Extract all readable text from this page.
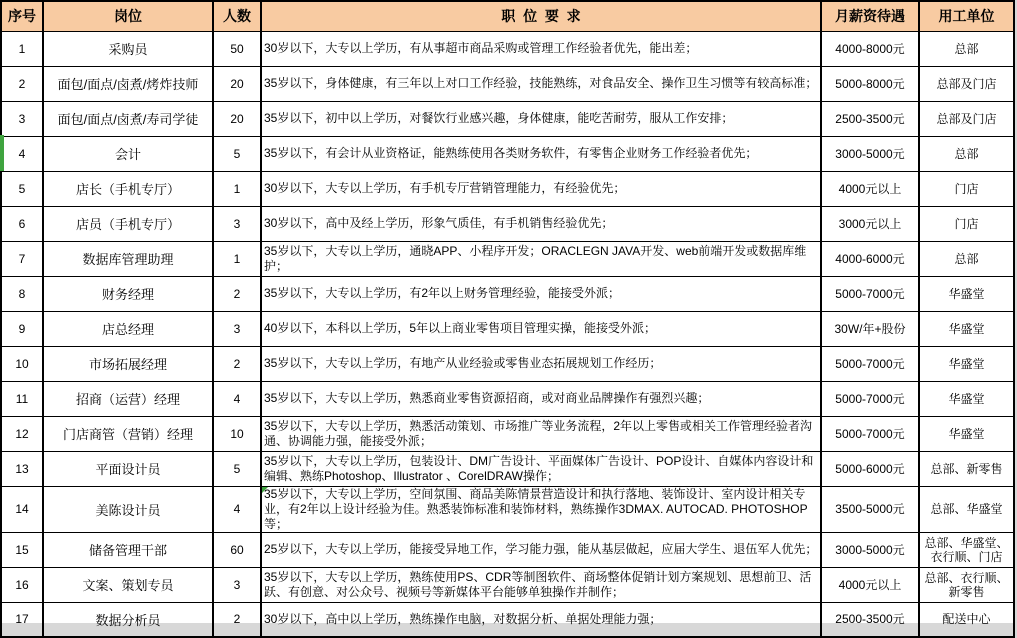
序号	岗位	人数	职  位  要  求	月薪资待遇	用工单位
1	采购员	50	30岁以下，大专以上学历，有从事超市商品采购或管理工作经验者优先，能出差；	4000-8000元	总部
2	面包/面点/卤煮/烤炸技师	20	35岁以下，身体健康，有三年以上对口工作经验，技能熟练，对食品安全、操作卫生习惯等有较高标准；	5000-8000元	总部及门店
3	面包/面点/卤煮/寿司学徒	20	35岁以下，初中以上学历，对餐饮行业感兴趣，身体健康，能吃苦耐劳，服从工作安排；	2500-3500元	总部及门店
4	会计	5	35岁以下，有会计从业资格证，能熟练使用各类财务软件，有零售企业财务工作经验者优先；	3000-5000元	总部
5	店长（手机专厅）	1	30岁以下，大专以上学历，有手机专厅营销管理能力，有经验优先；	4000元以上	门店
6	店员（手机专厅）	3	30岁以下，高中及经上学历，形象气质佳，有手机销售经验优先；	3000元以上	门店
7	数据库管理助理	1	35岁以下，大专以上学历，通晓APP、小程序开发；ORACLEGN JAVA开发、web前端开发或数据库维护；	4000-6000元	总部
8	财务经理	2	35岁以下，大专以上学历，有2年以上财务管理经验，能接受外派；	5000-7000元	华盛堂
9	店总经理	3	40岁以下，本科以上学历，5年以上商业零售项目管理实操，能接受外派；	30W/年+股份	华盛堂
10	市场拓展经理	2	35岁以下，大专以上学历，有地产从业经验或零售业态拓展规划工作经历；	5000-7000元	华盛堂
11	招商（运营）经理	4	35岁以下，大专以上学历，熟悉商业零售资源招商，或对商业品牌操作有强烈兴趣；	5000-7000元	华盛堂
12	门店商管（营销）经理	10	35岁以下，大专以上学历，熟悉活动策划、市场推广等业务流程，2年以上零售或相关工作管理经验者沟通、协调能力强，能接受外派；	5000-7000元	华盛堂
13	平面设计员	5	35岁以下，大专以上学历，包装设计、DM广告设计、平面媒体广告设计、POP设计、自媒体内容设计和编辑、熟练Photoshop、Illustrator 、CorelDRAW操作；	5000-6000元	总部、新零售
14	美陈设计员	4	35岁以下，大专以上学历，空间氛围、商品美陈情景营造设计和执行落地、装饰设计、室内设计相关专业，有2年以上设计经验为佳。熟悉装饰标准和装饰材料，熟练操作3DMAX. AUTOCAD. PHOTOSHOP等；	3500-5000元	总部、华盛堂
15	储备管理干部	60	25岁以下，大专以上学历，能接受异地工作，学习能力强，能从基层做起，应届大学生、退伍军人优先；	3000-5000元	总部、华盛堂、衣行顺、门店
16	文案、策划专员	3	35岁以下，大专以上学历，熟练使用PS、CDR等制图软件、商场整体促销计划方案规划、思想前卫、活跃、有创意、对公众号、视频号等新媒体平台能够单独操作并制作；	4000元以上	总部、衣行顺、新零售
17	数据分析员	2	30岁以下，高中以上学历，熟练操作电脑，对数据分析、单据处理能力强；	2500-3500元	配送中心
